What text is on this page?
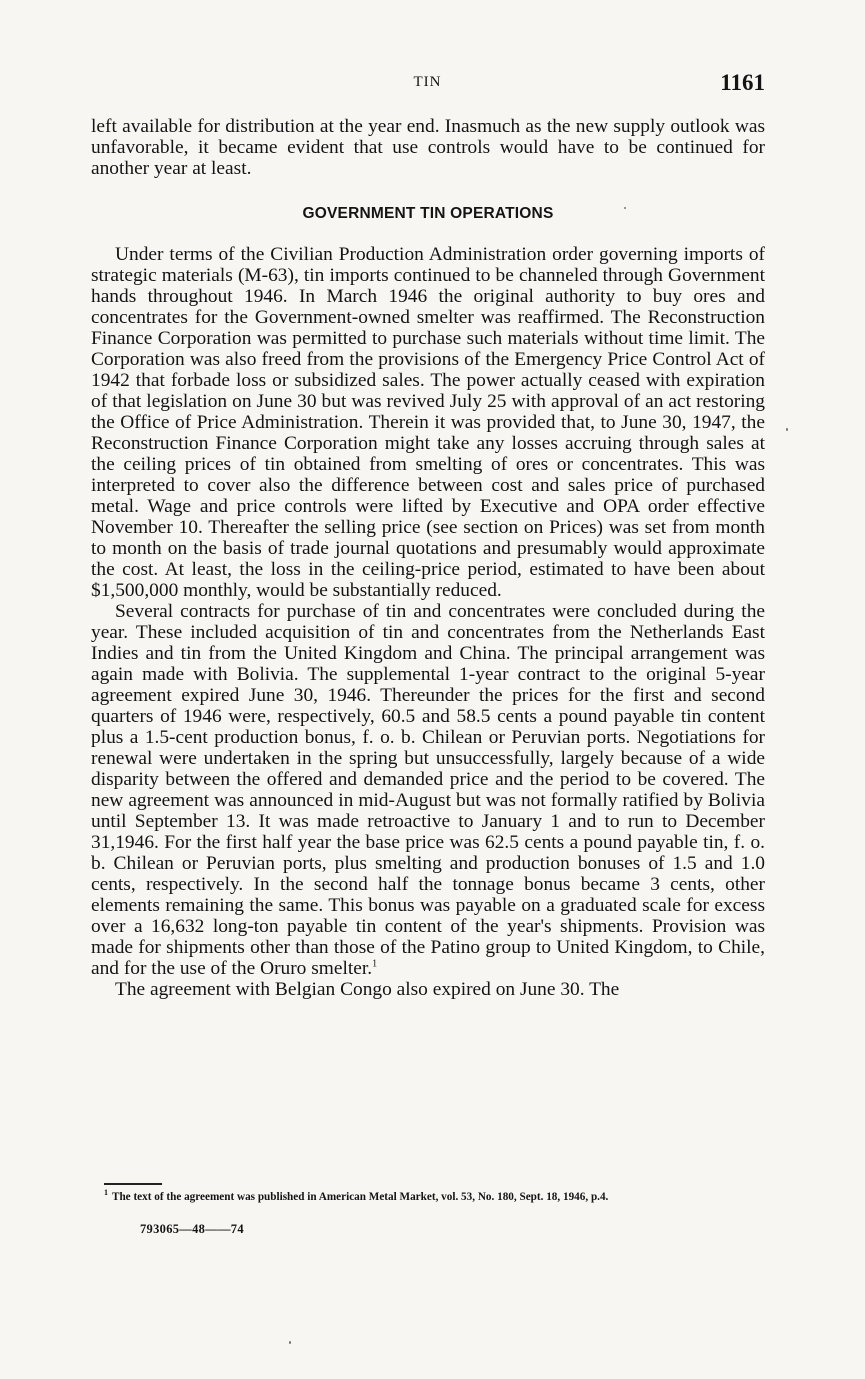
TIN	1161

left available for distribution at the year end. Inasmuch as the new supply outlook was unfavorable, it became evident that use controls would have to be continued for another year at least.

GOVERNMENT TIN OPERATIONS

Under terms of the Civilian Production Administration order governing imports of strategic materials (M-63), tin imports continued to be channeled through Government hands throughout 1946. In March 1946 the original authority to buy ores and concentrates for the Government-owned smelter was reaffirmed. The Reconstruction Finance Corporation was permitted to purchase such materials without time limit. The Corporation was also freed from the provisions of the Emergency Price Control Act of 1942 that forbade loss or subsidized sales. The power actually ceased with expiration of that legislation on June 30 but was revived July 25 with approval of an act restoring the Office of Price Administration. Therein it was provided that, to June 30, 1947, the Reconstruction Finance Corporation might take any losses accruing through sales at the ceiling prices of tin obtained from smelting of ores or concentrates. This was interpreted to cover also the difference between cost and sales price of purchased metal. Wage and price controls were lifted by Executive and OPA order effective November 10. Thereafter the selling price (see section on Prices) was set from month to month on the basis of trade journal quotations and presumably would approximate the cost. At least, the loss in the ceiling-price period, estimated to have been about $1,500,000 monthly, would be substantially reduced.

Several contracts for purchase of tin and concentrates were concluded during the year. These included acquisition of tin and concentrates from the Netherlands East Indies and tin from the United Kingdom and China. The principal arrangement was again made with Bolivia. The supplemental 1-year contract to the original 5-year agreement expired June 30, 1946. Thereunder the prices for the first and second quarters of 1946 were, respectively, 60.5 and 58.5 cents a pound payable tin content plus a 1.5-cent production bonus, f. o. b. Chilean or Peruvian ports. Negotiations for renewal were undertaken in the spring but unsuccessfully, largely because of a wide disparity between the offered and demanded price and the period to be covered. The new agreement was announced in mid-August but was not formally ratified by Bolivia until September 13. It was made retroactive to January 1 and to run to December 31,1946. For the first half year the base price was 62.5 cents a pound payable tin, f. o. b. Chilean or Peruvian ports, plus smelting and production bonuses of 1.5 and 1.0 cents, respectively. In the second half the tonnage bonus became 3 cents, other elements remaining the same. This bonus was payable on a graduated scale for excess over a 16,632 long-ton payable tin content of the year's shipments. Provision was made for shipments other than those of the Patino group to United Kingdom, to Chile, and for the use of the Oruro smelter.$^1$

The agreement with Belgian Congo also expired on June 30. The

$^1$ The text of the agreement was published in American Metal Market, vol. 53, No. 180, Sept. 18, 1946, p.4.
793065—48——74
